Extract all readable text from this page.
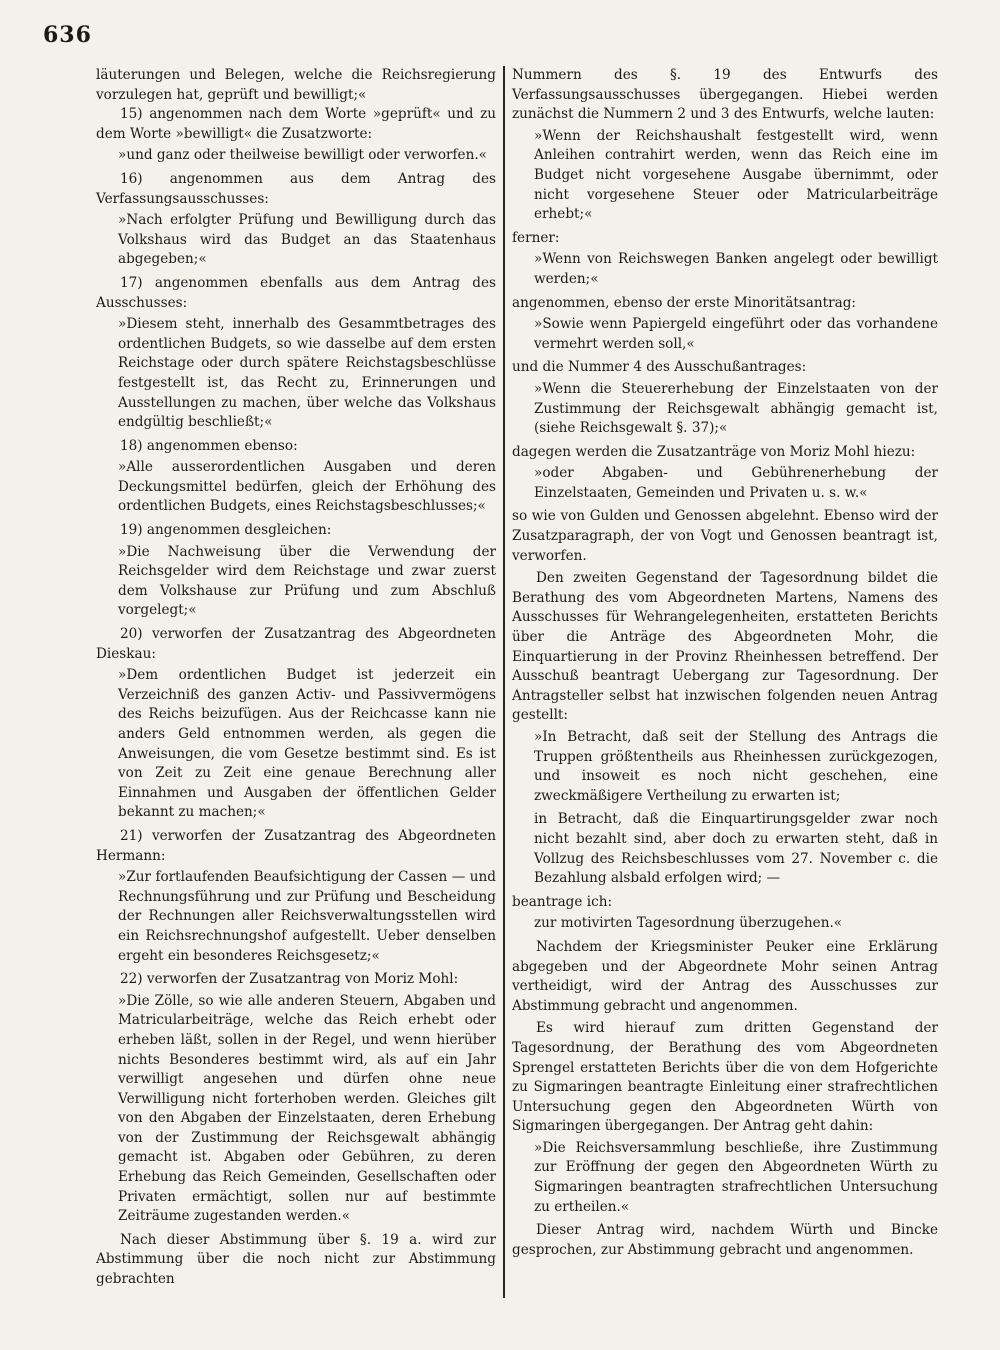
636

läuterungen und Belegen, welche die Reichsregierung vorzulegen hat, geprüft und bewilligt;«

15) angenommen nach dem Worte »geprüft« und zu dem Worte »bewilligt« die Zusatzworte:

»und ganz oder theilweise bewilligt oder verworfen.«

16) angenommen aus dem Antrag des Verfassungsausschusses:

»Nach erfolgter Prüfung und Bewilligung durch das Volkshaus wird das Budget an das Staatenhaus abgegeben;«

17) angenommen ebenfalls aus dem Antrag des Ausschusses:

»Diesem steht, innerhalb des Gesammtbetrages des ordentlichen Budgets, so wie dasselbe auf dem ersten Reichstage oder durch spätere Reichstagsbeschlüsse festgestellt ist, das Recht zu, Erinnerungen und Ausstellungen zu machen, über welche das Volkshaus endgültig beschließt;«

18) angenommen ebenso:

»Alle ausserordentlichen Ausgaben und deren Deckungsmittel bedürfen, gleich der Erhöhung des ordentlichen Budgets, eines Reichstagsbeschlusses;«

19) angenommen desgleichen:

»Die Nachweisung über die Verwendung der Reichsgelder wird dem Reichstage und zwar zuerst dem Volkshause zur Prüfung und zum Abschluß vorgelegt;«

20) verworfen der Zusatzantrag des Abgeordneten Dieskau:

»Dem ordentlichen Budget ist jederzeit ein Verzeichniß des ganzen Activ- und Passivvermögens des Reichs beizufügen. Aus der Reichcasse kann nie anders Geld entnommen werden, als gegen die Anweisungen, die vom Gesetze bestimmt sind. Es ist von Zeit zu Zeit eine genaue Berechnung aller Einnahmen und Ausgaben der öffentlichen Gelder bekannt zu machen;«

21) verworfen der Zusatzantrag des Abgeordneten Hermann:

»Zur fortlaufenden Beaufsichtigung der Cassen — und Rechnungsführung und zur Prüfung und Bescheidung der Rechnungen aller Reichsverwaltungsstellen wird ein Reichsrechnungshof aufgestellt. Ueber denselben ergeht ein besonderes Reichsgesetz;«

22) verworfen der Zusatzantrag von Moriz Mohl:

»Die Zölle, so wie alle anderen Steuern, Abgaben und Matricularbeiträge, welche das Reich erhebt oder erheben läßt, sollen in der Regel, und wenn hierüber nichts Besonderes bestimmt wird, als auf ein Jahr verwilligt angesehen und dürfen ohne neue Verwilligung nicht forterhoben werden. Gleiches gilt von den Abgaben der Einzelstaaten, deren Erhebung von der Zustimmung der Reichsgewalt abhängig gemacht ist. Abgaben oder Gebühren, zu deren Erhebung das Reich Gemeinden, Gesellschaften oder Privaten ermächtigt, sollen nur auf bestimmte Zeiträume zugestanden werden.«

Nach dieser Abstimmung über §. 19 a. wird zur Abstimmung über die noch nicht zur Abstimmung gebrachten

Nummern des §. 19 des Entwurfs des Verfassungsausschusses übergegangen. Hiebei werden zunächst die Nummern 2 und 3 des Entwurfs, welche lauten:

»Wenn der Reichshaushalt festgestellt wird, wenn Anleihen contrahirt werden, wenn das Reich eine im Budget nicht vorgesehene Ausgabe übernimmt, oder nicht vorgesehene Steuer oder Matricularbeiträge erhebt;«

ferner:

»Wenn von Reichswegen Banken angelegt oder bewilligt werden;«

angenommen, ebenso der erste Minoritätsantrag:

»Sowie wenn Papiergeld eingeführt oder das vorhandene vermehrt werden soll,«

und die Nummer 4 des Ausschußantrages:

»Wenn die Steuererhebung der Einzelstaaten von der Zustimmung der Reichsgewalt abhängig gemacht ist, (siehe Reichsgewalt §. 37);«

dagegen werden die Zusatzanträge von Moriz Mohl hiezu:

»oder Abgaben- und Gebührenerhebung der Einzelstaaten, Gemeinden und Privaten u. s. w.«

so wie von Gulden und Genossen abgelehnt. Ebenso wird der Zusatzparagraph, der von Vogt und Genossen beantragt ist, verworfen.

Den zweiten Gegenstand der Tagesordnung bildet die Berathung des vom Abgeordneten Martens, Namens des Ausschusses für Wehrangelegenheiten, erstatteten Berichts über die Anträge des Abgeordneten Mohr, die Einquartierung in der Provinz Rheinhessen betreffend. Der Ausschuß beantragt Uebergang zur Tagesordnung. Der Antragsteller selbst hat inzwischen folgenden neuen Antrag gestellt:

»In Betracht, daß seit der Stellung des Antrags die Truppen größtentheils aus Rheinhessen zurückgezogen, und insoweit es noch nicht geschehen, eine zweckmäßigere Vertheilung zu erwarten ist;

in Betracht, daß die Einquartirungsgelder zwar noch nicht bezahlt sind, aber doch zu erwarten steht, daß in Vollzug des Reichsbeschlusses vom 27. November c. die Bezahlung alsbald erfolgen wird; —

beantrage ich:

zur motivirten Tagesordnung überzugehen.«

Nachdem der Kriegsminister Peuker eine Erklärung abgegeben und der Abgeordnete Mohr seinen Antrag vertheidigt, wird der Antrag des Ausschusses zur Abstimmung gebracht und angenommen.

Es wird hierauf zum dritten Gegenstand der Tagesordnung, der Berathung des vom Abgeordneten Sprengel erstatteten Berichts über die von dem Hofgerichte zu Sigmaringen beantragte Einleitung einer strafrechtlichen Untersuchung gegen den Abgeordneten Würth von Sigmaringen übergegangen. Der Antrag geht dahin:

»Die Reichsversammlung beschließe, ihre Zustimmung zur Eröffnung der gegen den Abgeordneten Würth zu Sigmaringen beantragten strafrechtlichen Untersuchung zu ertheilen.«

Dieser Antrag wird, nachdem Würth und Bincke gesprochen, zur Abstimmung gebracht und angenommen.
